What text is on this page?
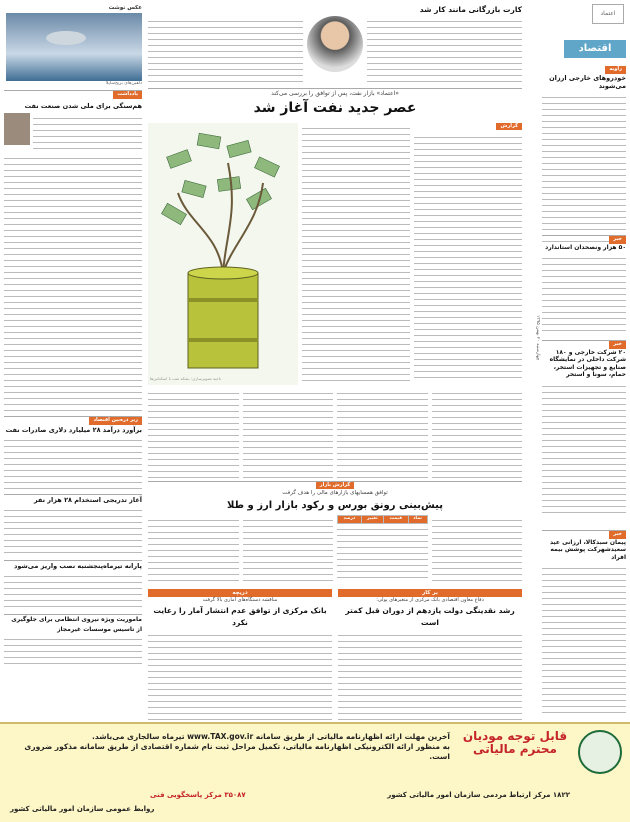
اعتماد
چهارشنبه ۲۰ بهمن ۱۳۹۵
اقتصاد
زاویه
خودروهای خارجی ارزان می‌شوند
خبر
۵۰ هزار ونصحدان استاندارد
خبر
۲۰ شرکت خارجی و ۱۸۰ شرکت داخلی در نمایشگاه صنایع و تجهیزات استخر، حمام، سونا و استخر
خبر
پیمان سبدکالا، ارزانی عید سعیدشهرکت پوشش بیمه افراد
عکس نوشت
دلفین‌های بریج‌ساپلا
یادداشت
هم‌سنگی برای ملی شدن صنعت نفت
زیر ذره‌بین اقتصاد
برآورد درآمد ۲۸ میلیارد دلاری صادرات نفت
آغاز تدریجی استخدام ۲۸ هزار نفر
پارانه تیرماه‌پنجشنبه نصب واریز می‌شود
ماموریت ویژه نیروی انتظامی برای جلوگیری از تاسیس موسسات غیرمجاز
کارت بازرگانی مانند کار شد
«اعتماد» بازار نفت، پس از توافق را بررسی می‌کند
عصر جدید نفت آغاز شد
گزارش
ناحیه تصویرسازی: بشکه نفت با اسکناس‌ها
گزارش بازار
توافق همسایهای بازارهای مالی را هدف گرفت
پیش‌بینی رونق بورس و رکود بازار ارز و طلا
نماد	قیمت	تغییر	درصد
بر کار
دفاع معاون اقتصادی بانک مرکزی از متغیرهای پولی:
رشد نقدینگی دولت یازدهم از دوران قبل کمتر است
دریچه
مناقشه دستگاه‌های آماری بالا گرفت
بانک مرکزی از توافق عدم انتشار آمار را رعایت نکرد
قابل توجه مودیان محترم مالیاتی
آخرین مهلت ارائه اظهارنامه مالیاتی از طریق سامانه www.TAX.gov.ir تیرماه سالجاری می‌باشد.
به منظور ارائه الکترونیکی اظهارنامه مالیاتی، تکمیل مراحل ثبت نام شماره اقتصادی از طریق سامانه مذکور ضروری است.
۱۸۲۲ مرکز ارتباط مردمی سازمان امور مالیاتی کشور
۳۵۰۸۷ مرکز پاسخگویی فنی
روابط عمومی سازمان امور مالیاتی کشور
